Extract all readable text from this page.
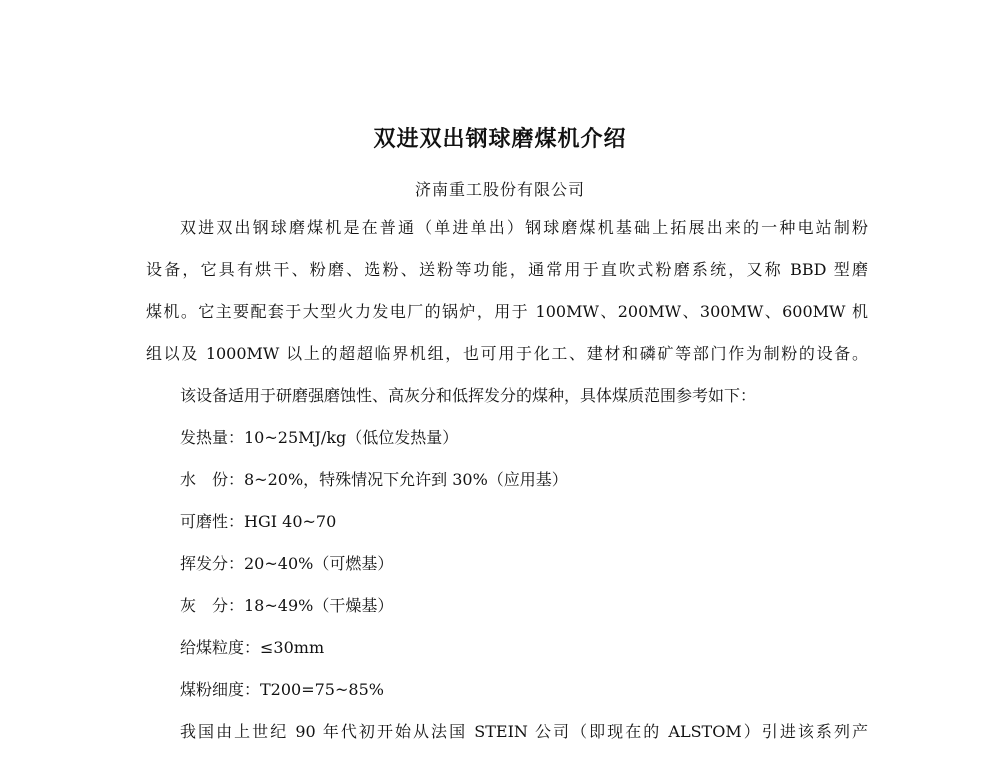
双进双出钢球磨煤机介绍
济南重工股份有限公司
双进双出钢球磨煤机是在普通（单进单出）钢球磨煤机基础上拓展出来的一种电站制粉
设备，它具有烘干、粉磨、选粉、送粉等功能，通常用于直吹式粉磨系统，又称 BBD 型磨
煤机。它主要配套于大型火力发电厂的锅炉，用于 100MW、200MW、300MW、600MW 机
组以及 1000MW 以上的超超临界机组，也可用于化工、建材和磷矿等部门作为制粉的设备。
该设备适用于研磨强磨蚀性、高灰分和低挥发分的煤种，具体煤质范围参考如下：
发热量：10~25MJ/kg（低位发热量）
水　份：8~20%，特殊情况下允许到 30%（应用基）
可磨性：HGI 40~70
挥发分：20~40%（可燃基）
灰　分：18~49%（干燥基）
给煤粒度：≤30mm
煤粉细度：T200=75~85%
我国由上世纪 90 年代初开始从法国 STEIN 公司（即现在的 ALSTOM）引进该系列产
